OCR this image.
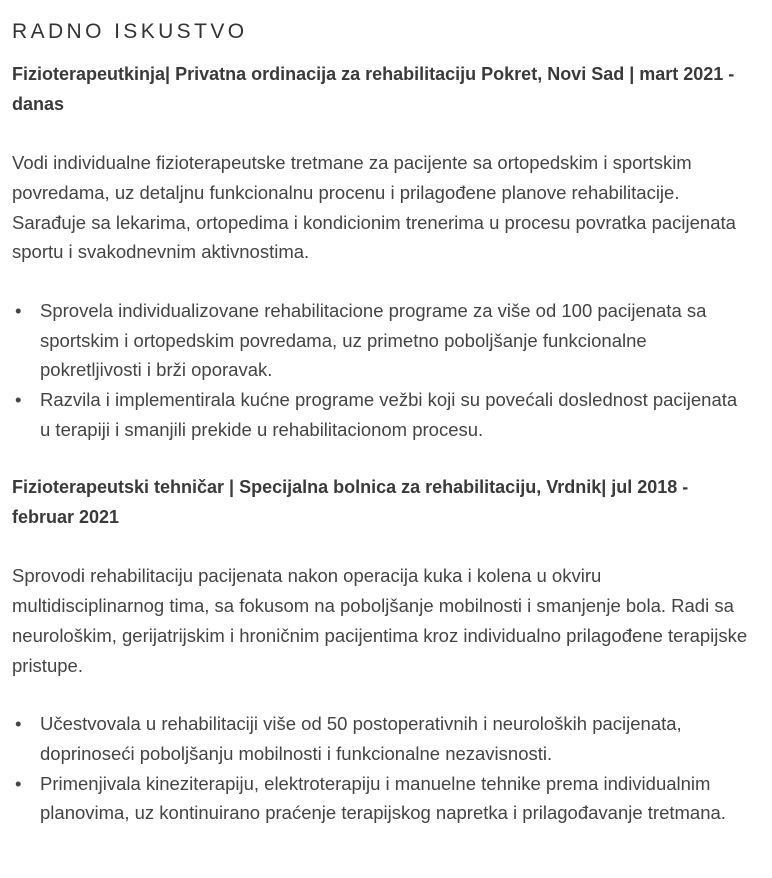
RADNO ISKUSTVO

Fizioterapeutkinja| Privatna ordinacija za rehabilitaciju Pokret, Novi Sad | mart 2021 - danas

Vodi individualne fizioterapeutske tretmane za pacijente sa ortopedskim i sportskim povredama, uz detaljnu funkcionalnu procenu i prilagođene planove rehabilitacije. Sarađuje sa lekarima, ortopedima i kondicionim trenerima u procesu povratka pacijenata sportu i svakodnevnim aktivnostima.

• Sprovela individualizovane rehabilitacione programe za više od 100 pacijenata sa sportskim i ortopedskim povredama, uz primetno poboljšanje funkcionalne pokretljivosti i brži oporavak.
• Razvila i implementirala kućne programe vežbi koji su povećali doslednost pacijenata u terapiji i smanjili prekide u rehabilitacionom procesu.

Fizioterapeutski tehničar | Specijalna bolnica za rehabilitaciju, Vrdnik| jul 2018 - februar 2021

Sprovodi rehabilitaciju pacijenata nakon operacija kuka i kolena u okviru multidisciplinarnog tima, sa fokusom na poboljšanje mobilnosti i smanjenje bola. Radi sa neurološkim, gerijatrijskim i hroničnim pacijentima kroz individualno prilagođene terapijske pristupe.

• Učestvovala u rehabilitaciji više od 50 postoperativnih i neuroloških pacijenata, doprinoseći poboljšanju mobilnosti i funkcionalne nezavisnosti.
• Primenjivala kineziterapiju, elektroterapiju i manuelne tehnike prema individualnim planovima, uz kontinuirano praćenje terapijskog napretka i prilagođavanje tretmana.
